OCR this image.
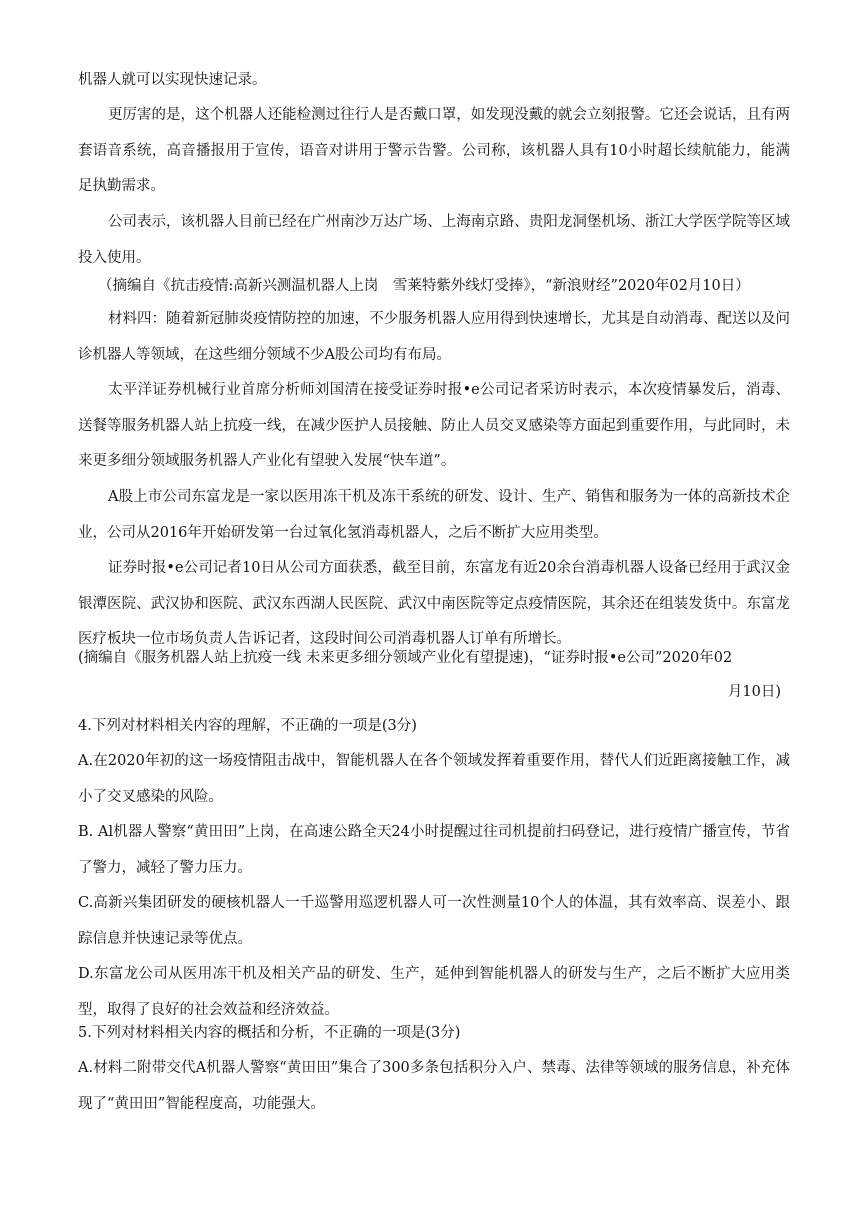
机器人就可以实现快速记录。
更厉害的是，这个机器人还能检测过往行人是否戴口罩，如发现没戴的就会立刻报警。它还会说话，且有两套语音系统，高音播报用于宣传，语音对讲用于警示告警。公司称，该机器人具有10小时超长续航能力，能满足执勤需求。
公司表示，该机器人目前已经在广州南沙万达广场、上海南京路、贵阳龙洞堡机场、浙江大学医学院等区域投入使用。
（摘编自《抗击疫情:高新兴测温机器人上岗　雪莱特紫外线灯受捧》，“新浪财经”2020年02月10日）
材料四：随着新冠肺炎疫情防控的加速，不少服务机器人应用得到快速增长，尤其是自动消毒、配送以及问诊机器人等领域，在这些细分领域不少A股公司均有布局。
太平洋证券机械行业首席分析师刘国清在接受证券时报•e公司记者采访时表示，本次疫情暴发后，消毒、送餐等服务机器人站上抗疫一线，在减少医护人员接触、防止人员交叉感染等方面起到重要作用，与此同时，未来更多细分领域服务机器人产业化有望驶入发展“快车道”。
A股上市公司东富龙是一家以医用冻干机及冻干系统的研发、设计、生产、销售和服务为一体的高新技术企业，公司从2016年开始研发第一台过氧化氢消毒机器人，之后不断扩大应用类型。
证券时报•e公司记者10日从公司方面获悉，截至目前，东富龙有近20余台消毒机器人设备已经用于武汉金银潭医院、武汉协和医院、武汉东西湖人民医院、武汉中南医院等定点疫情医院，其余还在组装发货中。东富龙医疗板块一位市场负责人告诉记者，这段时间公司消毒机器人订单有所增长。
(摘编自《服务机器人站上抗疫一线 未来更多细分领域产业化有望提速)，“证券时报•e公司”2020年02
月10日)
4.下列对材料相关内容的理解，不正确的一项是(3分)
A.在2020年初的这一场疫情阻击战中，智能机器人在各个领域发挥着重要作用，替代人们近距离接触工作，减小了交叉感染的风险。
B. Al机器人警察“黄田田”上岗，在高速公路全天24小时提醒过往司机提前扫码登记，进行疫情广播宣传，节省了警力，减轻了警力压力。
C.高新兴集团研发的硬核机器人一千巡警用巡逻机器人可一次性测量10个人的体温，其有效率高、误差小、跟踪信息并快速记录等优点。
D.东富龙公司从医用冻干机及相关产品的研发、生产，延伸到智能机器人的研发与生产，之后不断扩大应用类型，取得了良好的社会效益和经济效益。
5.下列对材料相关内容的概括和分析，不正确的一项是(3分)
A.材料二附带交代A机器人警察“黄田田”集合了300多条包括积分入户、禁毒、法律等领域的服务信息，补充体现了“黄田田”智能程度高，功能强大。
